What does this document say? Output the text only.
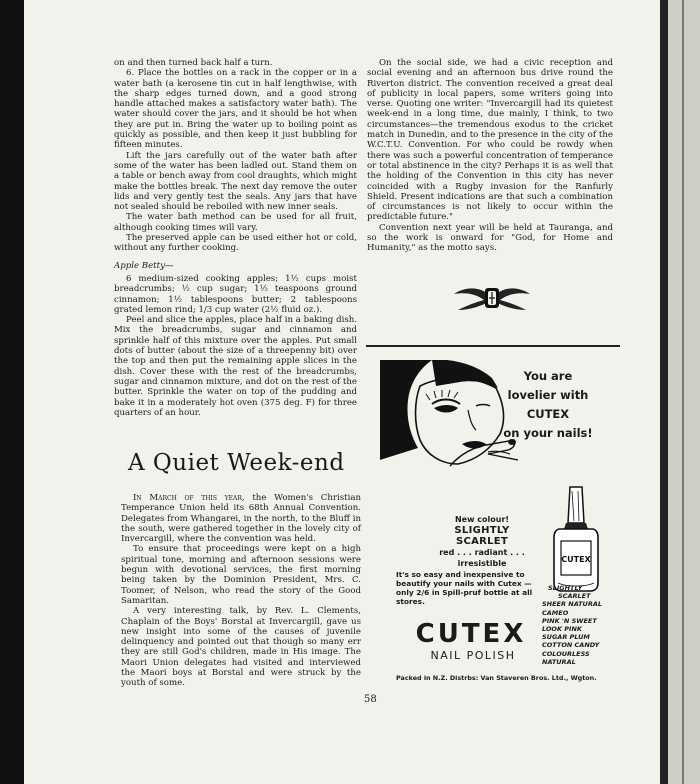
on and then turned back half a turn.

6. Place the bottles on a rack in the copper or in a water bath (a kerosene tin cut in half lengthwise, with the sharp edges turned down, and a good strong handle attached makes a satisfactory water bath). The water should cover the jars, and it should be hot when they are put in. Bring the water up to boiling point as quickly as possible, and then keep it just bubbling for fifteen minutes.

Lift the jars carefully out of the water bath after some of the water has been ladled out. Stand them on a table or bench away from cool draughts, which might make the bottles break. The next day remove the outer lids and very gently test the seals. Any jars that have not sealed should be reboiled with new inner seals.

The water bath method can be used for all fruit, although cooking times will vary.

The preserved apple can be used either hot or cold, without any further cooking.

Apple Betty—

6 medium-sized cooking apples; 1½ cups moist breadcrumbs; ½ cup sugar; 1½ teaspoons ground cinnamon; 1½ tablespoons butter; 2 tablespoons grated lemon rind; 1/3 cup water (2½ fluid oz.).

Peel and slice the apples, place half in a baking dish. Mix the breadcrumbs, sugar and cinnamon and sprinkle half of this mixture over the apples. Put small dots of butter (about the size of a threepenny bit) over the top and then put the remaining apple slices in the dish. Cover these with the rest of the breadcrumbs, sugar and cinnamon mixture, and dot on the rest of the butter. Sprinkle the water on top of the pudding and bake it in a moderately hot oven (375 deg. F) for three quarters of an hour.

A Quiet Week-end

In March of this year, the Women's Christian Temperance Union held its 68th Annual Convention. Delegates from Whangarei, in the north, to the Bluff in the south, were gathered together in the lovely city of Invercargill, where the convention was held.

To ensure that proceedings were kept on a high spiritual tone, morning and afternoon sessions were begun with devotional services, the first morning being taken by the Dominion President, Mrs. C. Toomer, of Nelson, who read the story of the Good Samaritan.

A very interesting talk, by Rev. L. Clements, Chaplain of the Boys' Borstal at Invercargill, gave us new insight into some of the causes of juvenile delinquency and pointed out that though so many err they are still God's children, made in His image. The Maori Union delegates had visited and interviewed the Maori boys at Borstal and were struck by the youth of some.

On the social side, we had a civic reception and social evening and an afternoon bus drive round the Riverton district. The convention received a great deal of publicity in local papers, some writers going into verse. Quoting one writer: "Invercargill had its quietest week-end in a long time, due mainly, I think, to two circumstances—the tremendous exodus to the cricket match in Dunedin, and to the presence in the city of the W.C.T.U. Convention. For who could be rowdy when there was such a powerful concentration of temperance or total abstinence in the city? Perhaps it is as well that the holding of the Convention in this city has never coincided with a Rugby invasion for the Ranfurly Shield. Present indications are that such a combination of circumstances is not likely to occur within the predictable future."

Convention next year will be held at Tauranga, and so the work is onward for "God, for Home and Humanity," as the motto says.

You are
lovelier with
CUTEX
on your nails!
New colour!
SLIGHTLY SCARLET
red . . . radiant . . .
irresistible	CUTEX
It's so easy and inexpensive to beautify your nails with Cutex — only 2/6 in Spill-pruf bottle at all stores.
SLIGHTLY
SCARLET
SHEER NATURAL
CAMEO
PINK 'N SWEET
LOOK PINK
SUGAR PLUM
COTTON CANDY
COLOURLESS
NATURAL
CUTEX
NAIL POLISH
Packed in N.Z. Distrbs: Van Staveren Bros. Ltd., Wgton.
58
